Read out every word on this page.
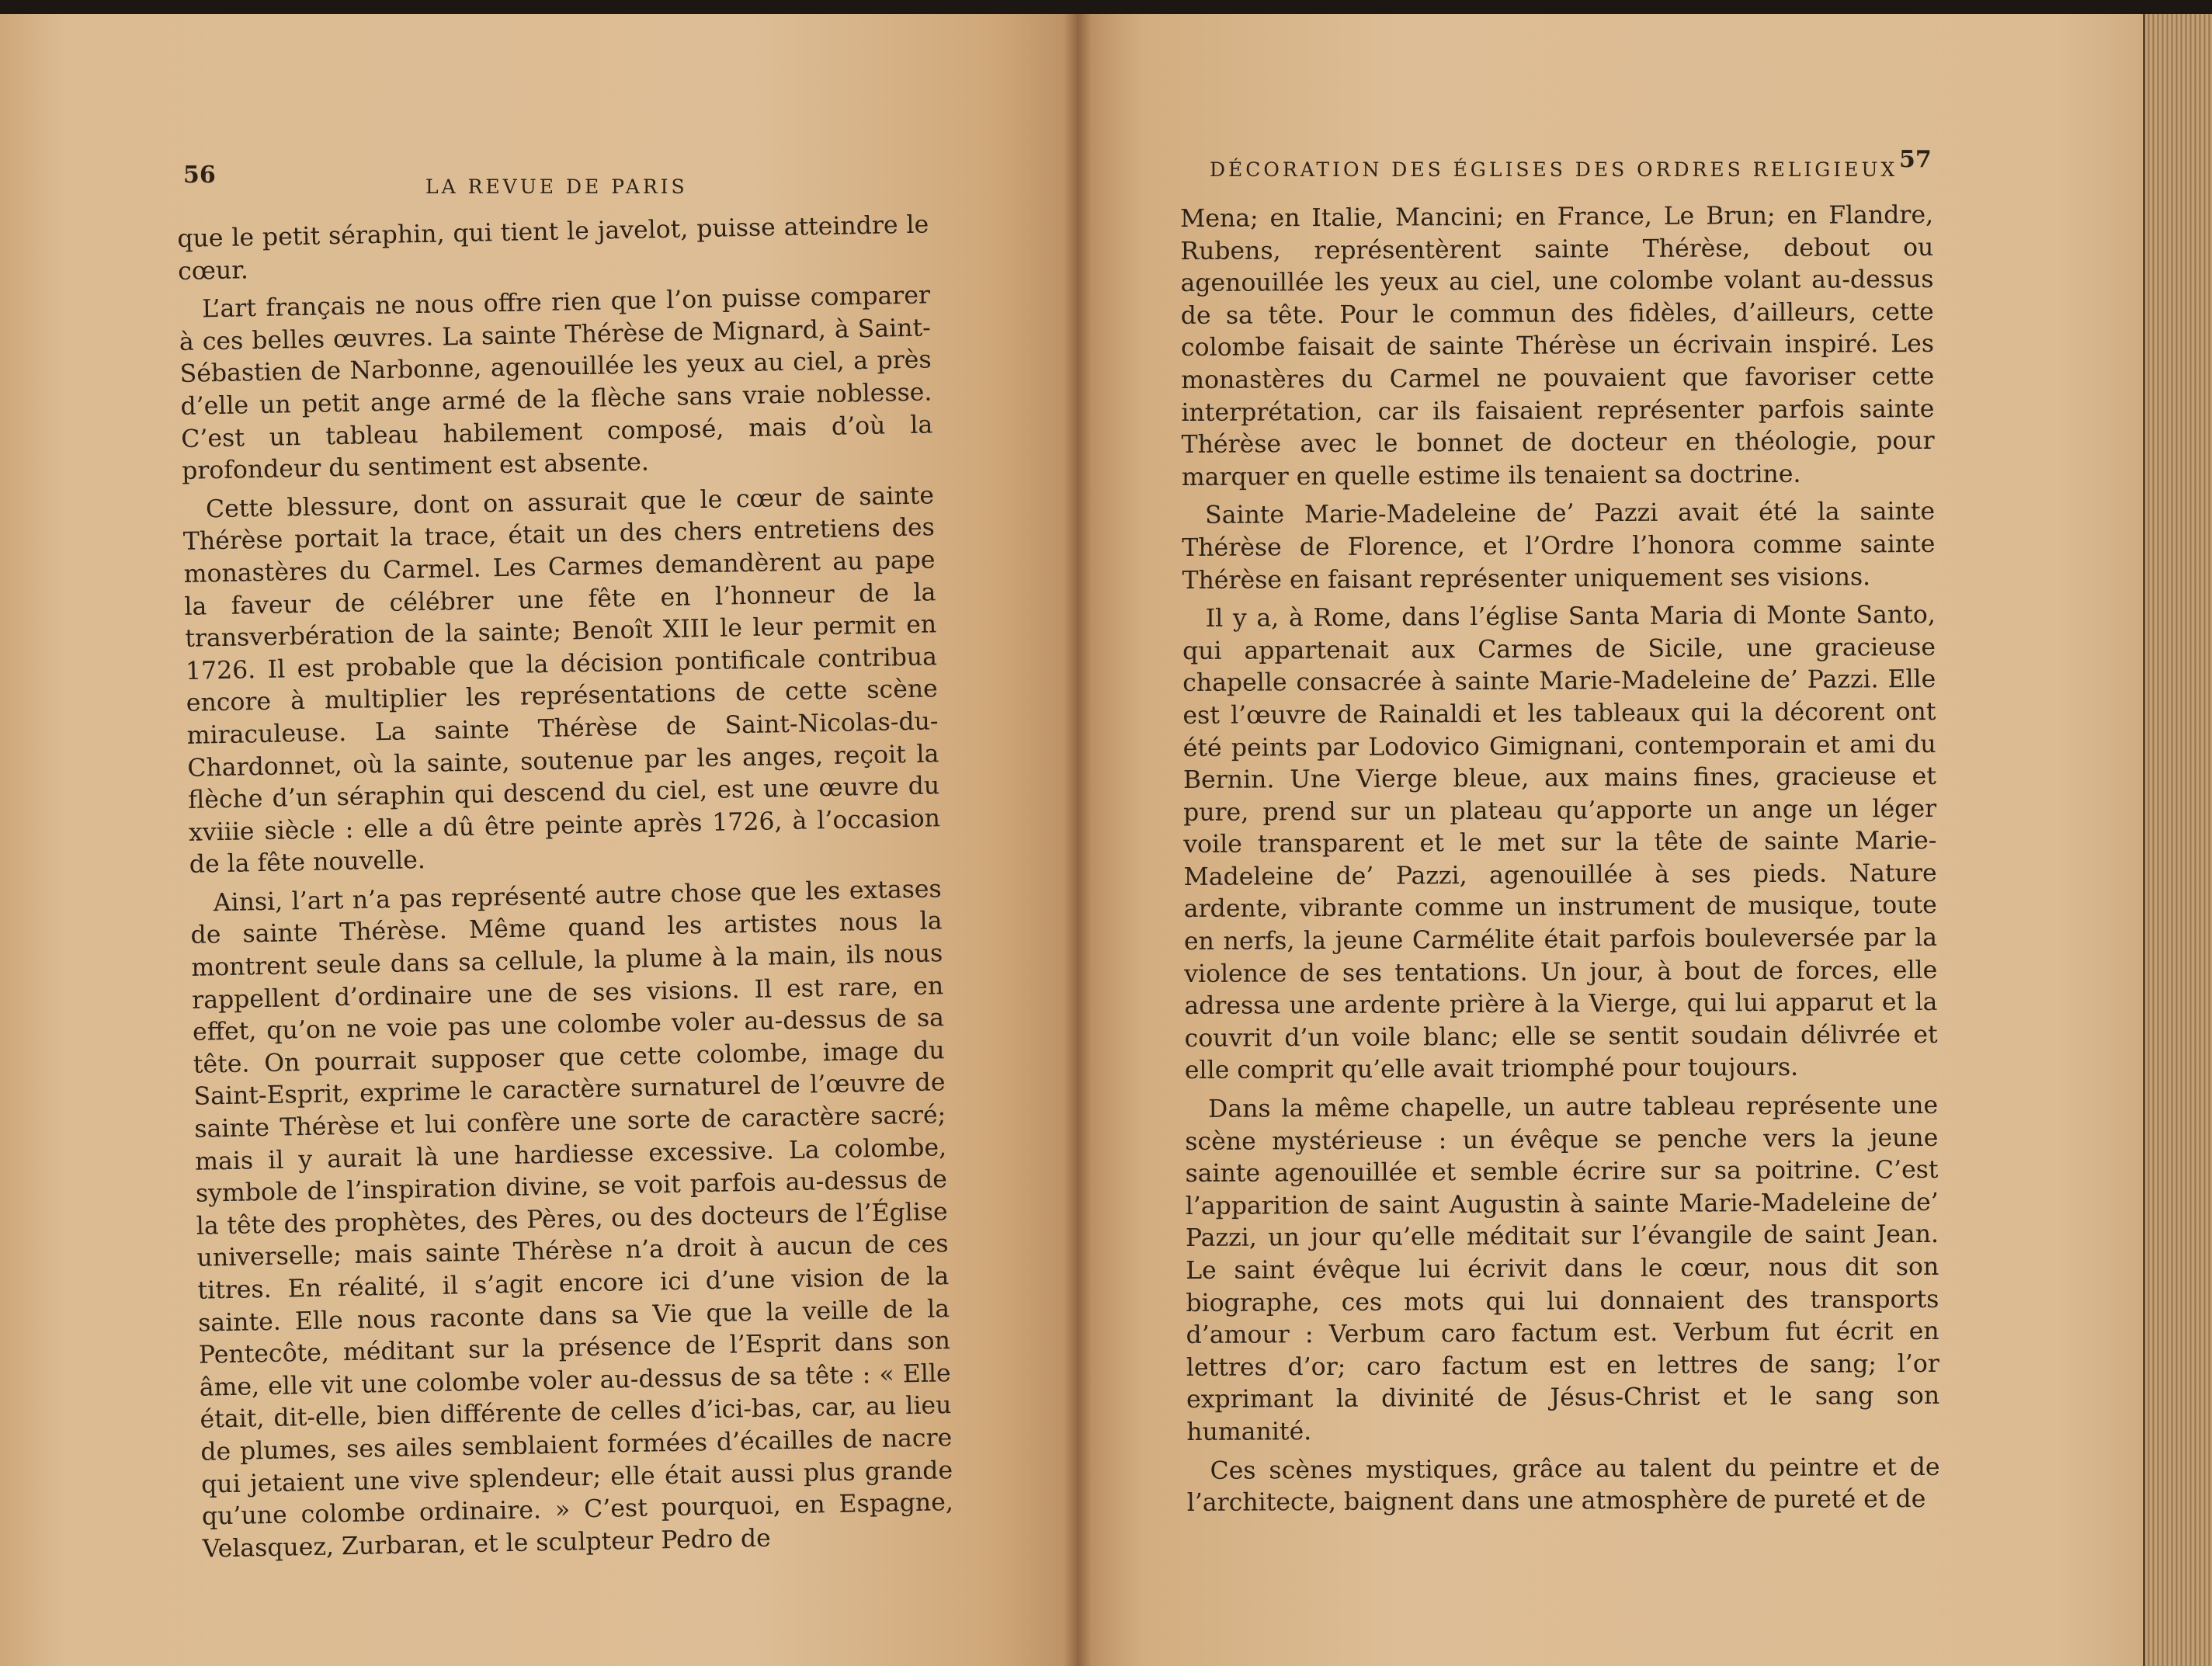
56	LA REVUE DE PARIS

que le petit séraphin, qui tient le javelot, puisse atteindre le cœur.

L’art français ne nous offre rien que l’on puisse comparer à ces belles œuvres. La sainte Thérèse de Mignard, à Saint-Sébastien de Narbonne, agenouillée les yeux au ciel, a près d’elle un petit ange armé de la flèche sans vraie noblesse. C’est un tableau habilement composé, mais d’où la profondeur du sentiment est absente.

Cette blessure, dont on assurait que le cœur de sainte Thérèse portait la trace, était un des chers entretiens des monastères du Carmel. Les Carmes demandèrent au pape la faveur de célébrer une fête en l’honneur de la transverbération de la sainte; Benoît XIII le leur permit en 1726. Il est probable que la décision pontificale contribua encore à multiplier les représentations de cette scène miraculeuse. La sainte Thérèse de Saint-Nicolas-du-Chardonnet, où la sainte, soutenue par les anges, reçoit la flèche d’un séraphin qui descend du ciel, est une œuvre du xviiie siècle : elle a dû être peinte après 1726, à l’occasion de la fête nouvelle.

Ainsi, l’art n’a pas représenté autre chose que les extases de sainte Thérèse. Même quand les artistes nous la montrent seule dans sa cellule, la plume à la main, ils nous rappellent d’ordinaire une de ses visions. Il est rare, en effet, qu’on ne voie pas une colombe voler au-dessus de sa tête. On pourrait supposer que cette colombe, image du Saint-Esprit, exprime le caractère surnaturel de l’œuvre de sainte Thérèse et lui confère une sorte de caractère sacré; mais il y aurait là une hardiesse excessive. La colombe, symbole de l’inspiration divine, se voit parfois au-dessus de la tête des prophètes, des Pères, ou des docteurs de l’Église universelle; mais sainte Thérèse n’a droit à aucun de ces titres. En réalité, il s’agit encore ici d’une vision de la sainte. Elle nous raconte dans sa Vie que la veille de la Pentecôte, méditant sur la présence de l’Esprit dans son âme, elle vit une colombe voler au-dessus de sa tête : « Elle était, dit-elle, bien différente de celles d’ici-bas, car, au lieu de plumes, ses ailes semblaient formées d’écailles de nacre qui jetaient une vive splendeur; elle était aussi plus grande qu’une colombe ordinaire. » C’est pourquoi, en Espagne, Velasquez, Zurbaran, et le sculpteur Pedro de

DÉCORATION DES ÉGLISES DES ORDRES RELIGIEUX 57

Mena; en Italie, Mancini; en France, Le Brun; en Flandre, Rubens, représentèrent sainte Thérèse, debout ou agenouillée les yeux au ciel, une colombe volant au-dessus de sa tête. Pour le commun des fidèles, d’ailleurs, cette colombe faisait de sainte Thérèse un écrivain inspiré. Les monastères du Carmel ne pouvaient que favoriser cette interprétation, car ils faisaient représenter parfois sainte Thérèse avec le bonnet de docteur en théologie, pour marquer en quelle estime ils tenaient sa doctrine.

Sainte Marie-Madeleine de’ Pazzi avait été la sainte Thérèse de Florence, et l’Ordre l’honora comme sainte Thérèse en faisant représenter uniquement ses visions.

Il y a, à Rome, dans l’église Santa Maria di Monte Santo, qui appartenait aux Carmes de Sicile, une gracieuse chapelle consacrée à sainte Marie-Madeleine de’ Pazzi. Elle est l’œuvre de Rainaldi et les tableaux qui la décorent ont été peints par Lodovico Gimignani, contemporain et ami du Bernin. Une Vierge bleue, aux mains fines, gracieuse et pure, prend sur un plateau qu’apporte un ange un léger voile transparent et le met sur la tête de sainte Marie-Madeleine de’ Pazzi, agenouillée à ses pieds. Nature ardente, vibrante comme un instrument de musique, toute en nerfs, la jeune Carmélite était parfois bouleversée par la violence de ses tentations. Un jour, à bout de forces, elle adressa une ardente prière à la Vierge, qui lui apparut et la couvrit d’un voile blanc; elle se sentit soudain délivrée et elle comprit qu’elle avait triomphé pour toujours.

Dans la même chapelle, un autre tableau représente une scène mystérieuse : un évêque se penche vers la jeune sainte agenouillée et semble écrire sur sa poitrine. C’est l’apparition de saint Augustin à sainte Marie-Madeleine de’ Pazzi, un jour qu’elle méditait sur l’évangile de saint Jean. Le saint évêque lui écrivit dans le cœur, nous dit son biographe, ces mots qui lui donnaient des transports d’amour : Verbum caro factum est. Verbum fut écrit en lettres d’or; caro factum est en lettres de sang; l’or exprimant la divinité de Jésus-Christ et le sang son humanité.

Ces scènes mystiques, grâce au talent du peintre et de l’architecte, baignent dans une atmosphère de pureté et de
